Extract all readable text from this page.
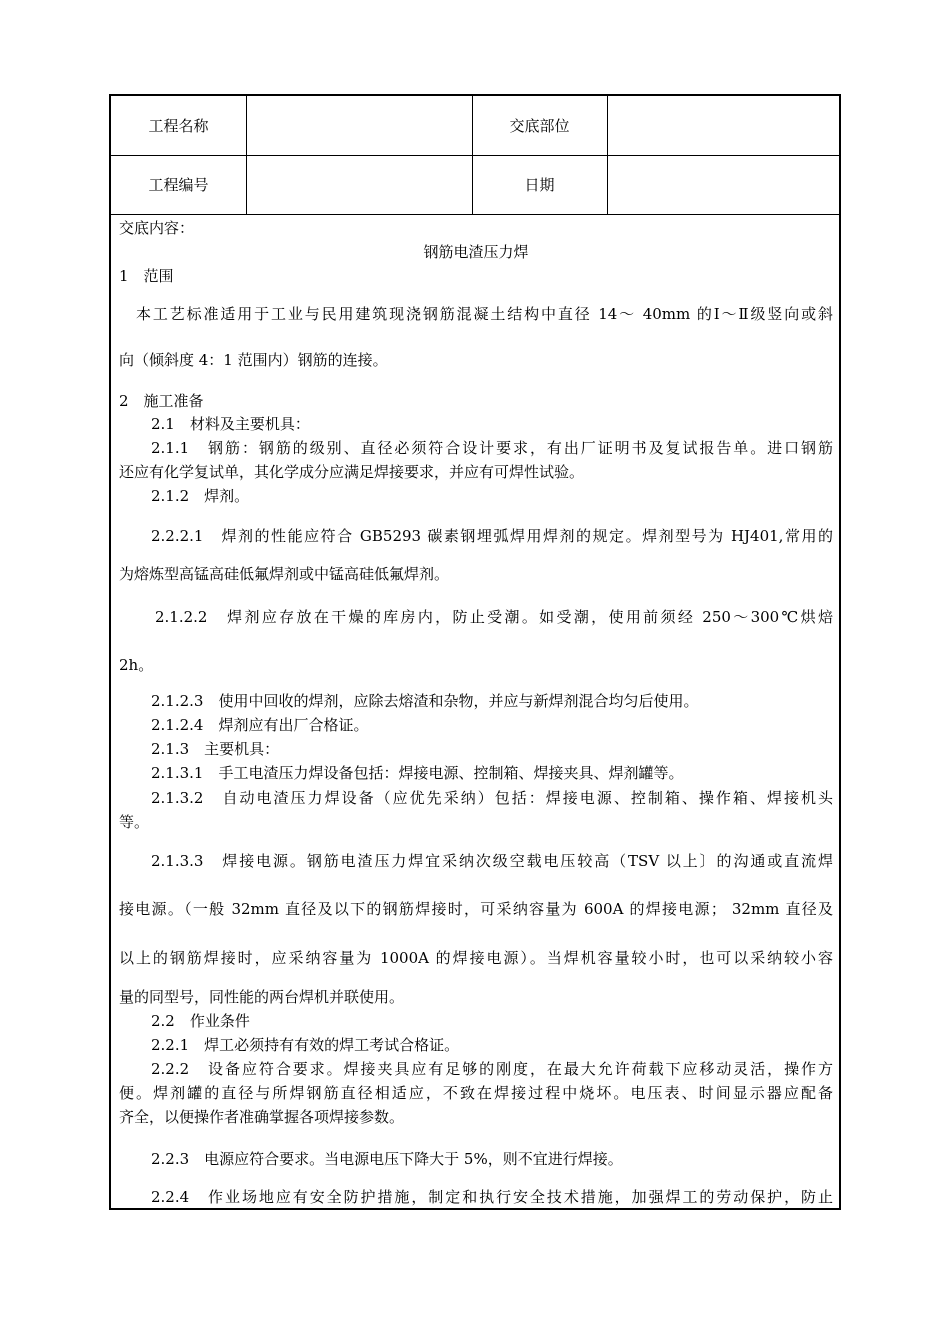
工程名称	交底部位
工程编号	日期
交底内容：
钢筋电渣压力焊
1　范围
本工艺标准适用于工业与民用建筑现浇钢筋混凝土结构中直径 14～ 40mm 的Ⅰ～Ⅱ级竖向或斜
向（倾斜度 4：1 范围内）钢筋的连接。
2　施工准备
2.1　材料及主要机具：
2.1.1　钢筋：钢筋的级别、直径必须符合设计要求，有出厂证明书及复试报告单。进口钢筋
还应有化学复试单，其化学成分应满足焊接要求，并应有可焊性试验。
2.1.2　焊剂。
2.2.2.1　焊剂的性能应符合 GB5293 碳素钢埋弧焊用焊剂的规定。焊剂型号为 HJ401,常用的
为熔炼型高锰高硅低氟焊剂或中锰高硅低氟焊剂。
2.1.2.2　焊剂应存放在干燥的库房内，防止受潮。如受潮，使用前须经 250～300℃烘焙
2h。
2.1.2.3　使用中回收的焊剂，应除去熔渣和杂物，并应与新焊剂混合均匀后使用。
2.1.2.4　焊剂应有出厂合格证。
2.1.3　主要机具：
2.1.3.1　手工电渣压力焊设备包括：焊接电源、控制箱、焊接夹具、焊剂罐等。
2.1.3.2　自动电渣压力焊设备（应优先采纳）包括：焊接电源、控制箱、操作箱、焊接机头
等。
2.1.3.3　焊接电源。钢筋电渣压力焊宜采纳次级空载电压较高（TSV 以上〕的沟通或直流焊
接电源。（一般 32mm 直径及以下的钢筋焊接时，可采纳容量为 600A 的焊接电源； 32mm 直径及
以上的钢筋焊接时，应采纳容量为 1000A 的焊接电源）。当焊机容量较小时，也可以采纳较小容
量的同型号，同性能的两台焊机并联使用。
2.2　作业条件
2.2.1　焊工必须持有有效的焊工考试合格证。
2.2.2　设备应符合要求。焊接夹具应有足够的刚度，在最大允许荷载下应移动灵活，操作方
便。焊剂罐的直径与所焊钢筋直径相适应，不致在焊接过程中烧坏。电压表、时间显示器应配备
齐全，以便操作者准确掌握各项焊接参数。
2.2.3　电源应符合要求。当电源电压下降大于 5%，则不宜进行焊接。
2.2.4　作业场地应有安全防护措施，制定和执行安全技术措施，加强焊工的劳动保护，防止
